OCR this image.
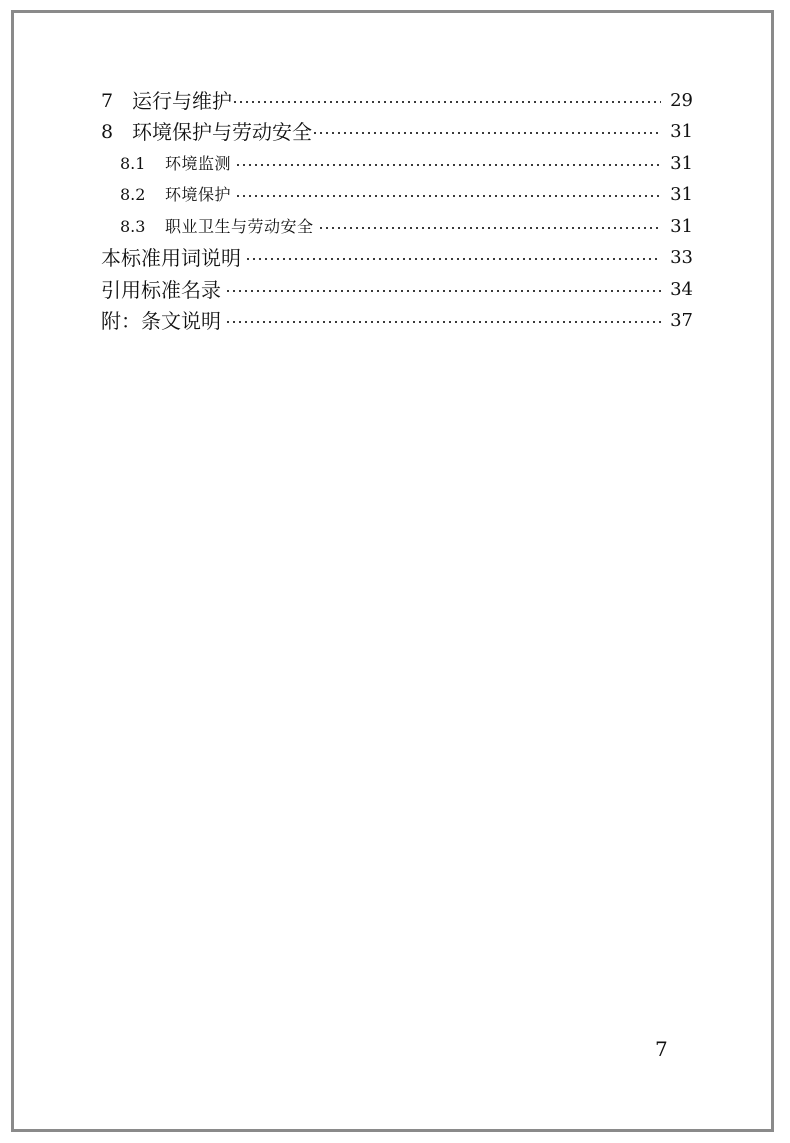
7 运行与维护	29
8 环境保护与劳动安全	31
8.1	环境监测	31
8.2	环境保护	31
8.3	职业卫生与劳动安全	31
本标准用词说明	33
引用标准名录	34
附：条文说明	37
7
